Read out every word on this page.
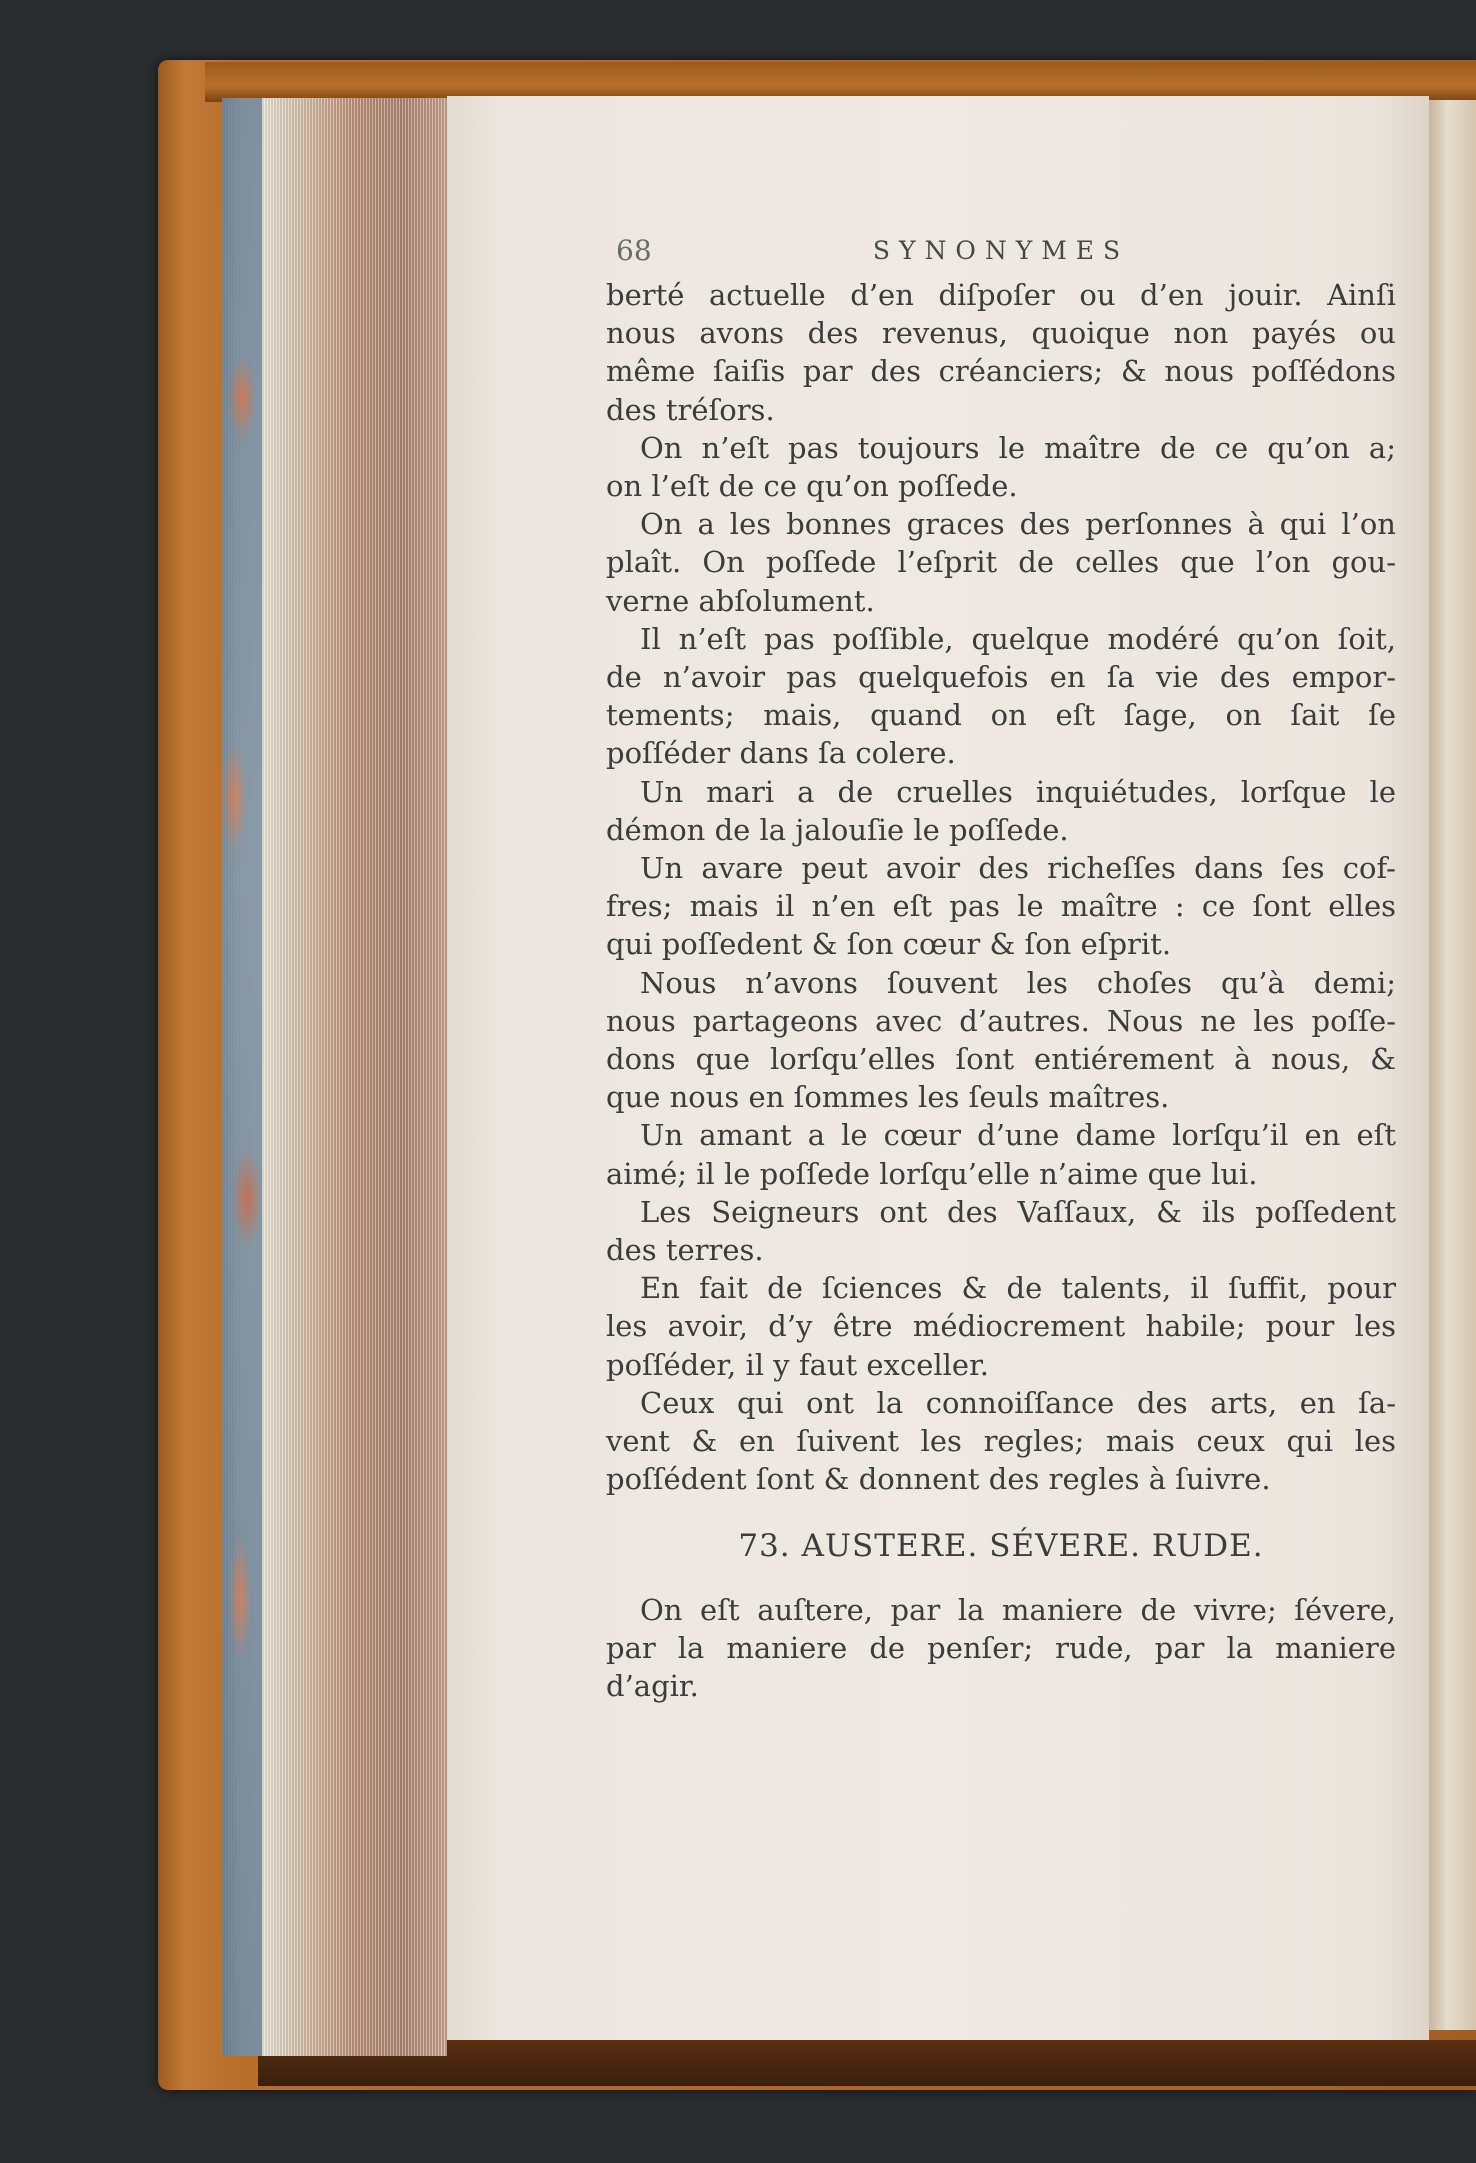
68	SYNONYMES

berté actuelle d’en diſpoſer ou d’en jouir. Ainſi
nous avons des revenus, quoique non payés ou
même ſaiſis par des créanciers; & nous poſſédons
des tréſors.

On n’eſt pas toujours le maître de ce qu’on a;
on l’eſt de ce qu’on poſſede.

On a les bonnes graces des perſonnes à qui l’on
plaît. On poſſede l’eſprit de celles que l’on gou-
verne abſolument.

Il n’eſt pas poſſible, quelque modéré qu’on ſoit,
de n’avoir pas quelquefois en ſa vie des empor-
tements; mais, quand on eſt ſage, on ſait ſe
poſſéder dans ſa colere.

Un mari a de cruelles inquiétudes, lorſque le
démon de la jalouſie le poſſede.

Un avare peut avoir des richeſſes dans ſes cof-
fres; mais il n’en eſt pas le maître : ce ſont elles
qui poſſedent & ſon cœur & ſon eſprit.

Nous n’avons ſouvent les choſes qu’à demi;
nous partageons avec d’autres. Nous ne les poſſe-
dons que lorſqu’elles ſont entiérement à nous, &
que nous en ſommes les ſeuls maîtres.

Un amant a le cœur d’une dame lorſqu’il en eſt
aimé; il le poſſede lorſqu’elle n’aime que lui.

Les Seigneurs ont des Vaſſaux, & ils poſſedent
des terres.

En fait de ſciences & de talents, il ſuffit, pour
les avoir, d’y être médiocrement habile; pour les
poſſéder, il y faut exceller.

Ceux qui ont la connoiſſance des arts, en ſa-
vent & en ſuivent les regles; mais ceux qui les
poſſédent ſont & donnent des regles à ſuivre.

73. AUSTERE. SÉVERE. RUDE.

On eſt auſtere, par la maniere de vivre; ſévere,
par la maniere de penſer; rude, par la maniere
d’agir.
